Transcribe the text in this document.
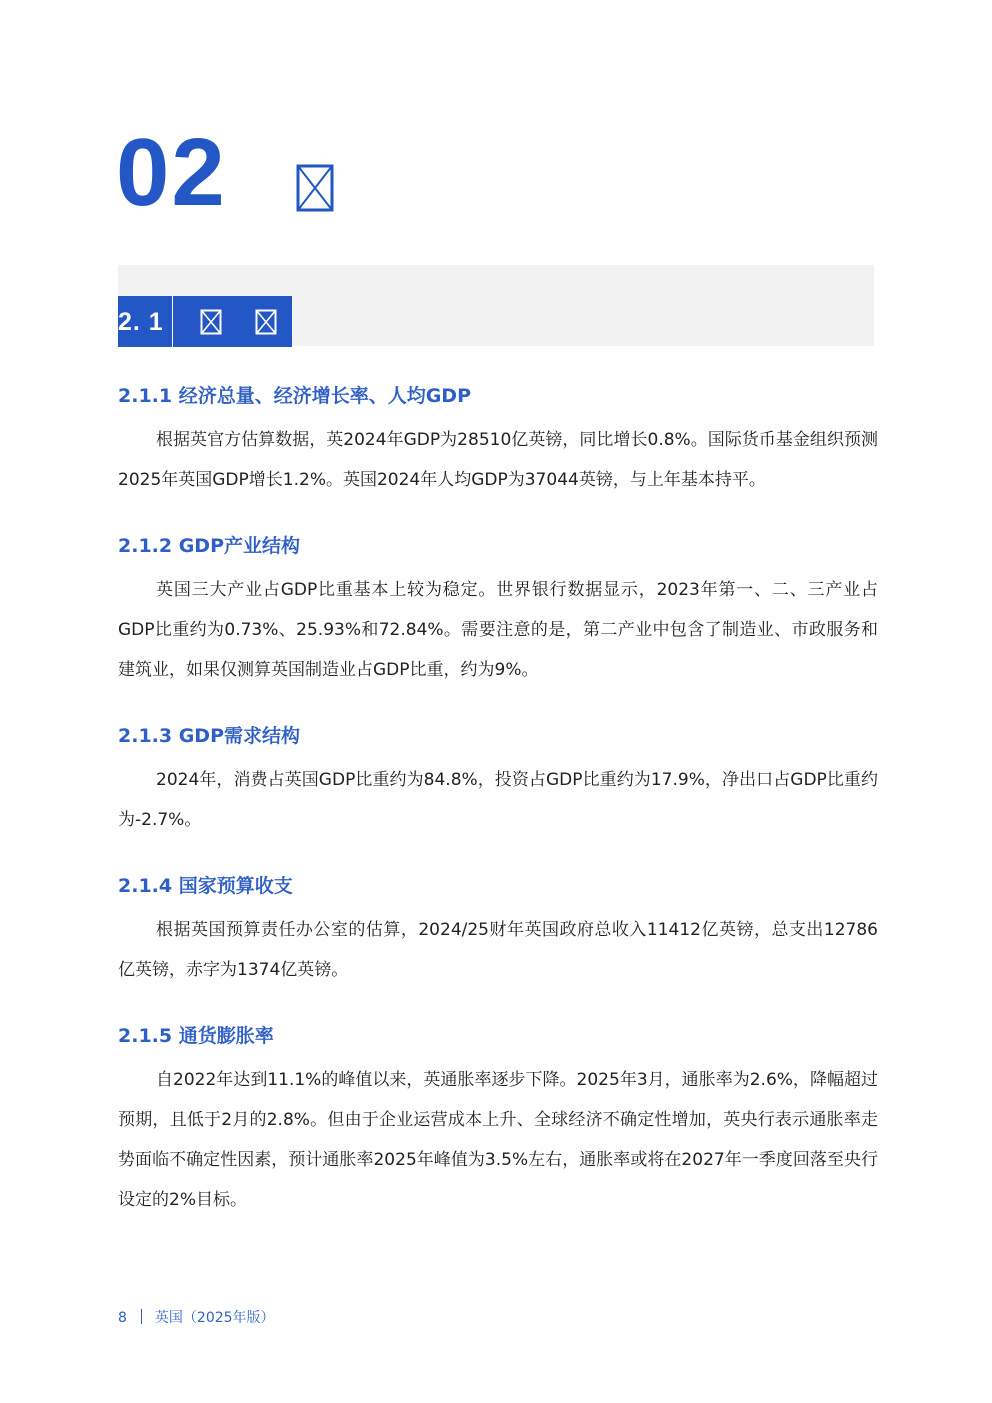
02
2. 1
2.1.1 经济总量、经济增长率、人均GDP
根据英官方估算数据，英2024年GDP为28510亿英镑，同比增长0.8%。国际货币基金组织预测2025年英国GDP增长1.2%。英国2024年人均GDP为37044英镑，与上年基本持平。
2.1.2 GDP产业结构
英国三大产业占GDP比重基本上较为稳定。世界银行数据显示，2023年第一、二、三产业占GDP比重约为0.73%、25.93%和72.84%。需要注意的是，第二产业中包含了制造业、市政服务和建筑业，如果仅测算英国制造业占GDP比重，约为9%。
2.1.3 GDP需求结构
2024年，消费占英国GDP比重约为84.8%，投资占GDP比重约为17.9%，净出口占GDP比重约为-2.7%。
2.1.4 国家预算收支
根据英国预算责任办公室的估算，2024/25财年英国政府总收入11412亿英镑，总支出12786亿英镑，赤字为1374亿英镑。
2.1.5 通货膨胀率
自2022年达到11.1%的峰值以来，英通胀率逐步下降。2025年3月，通胀率为2.6%，降幅超过预期，且低于2月的2.8%。但由于企业运营成本上升、全球经济不确定性增加，英央行表示通胀率走势面临不确定性因素，预计通胀率2025年峰值为3.5%左右，通胀率或将在2027年一季度回落至央行设定的2%目标。
8 英国（2025年版）
